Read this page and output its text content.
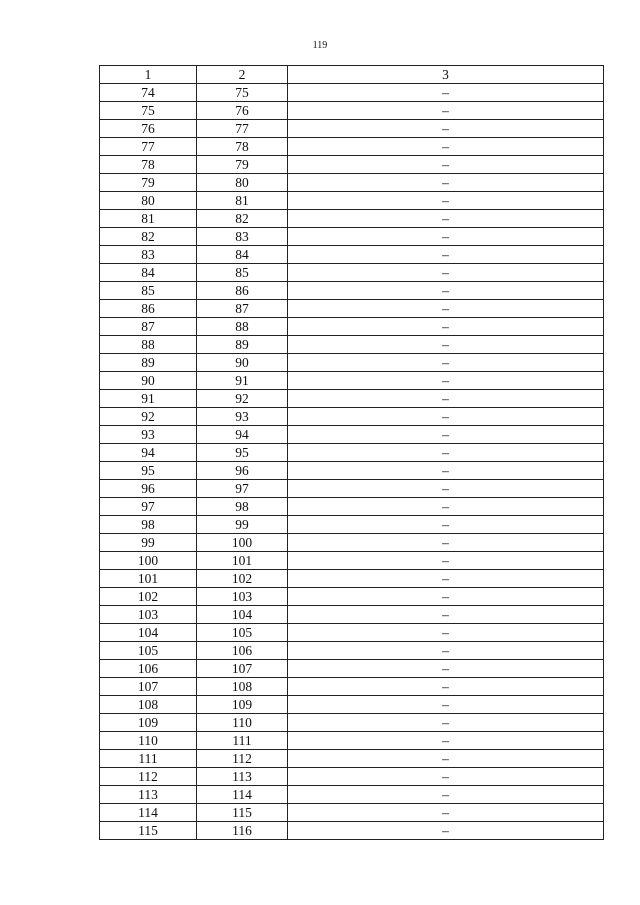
119
1	2	3
74	75	–
75	76	–
76	77	–
77	78	–
78	79	–
79	80	–
80	81	–
81	82	–
82	83	–
83	84	–
84	85	–
85	86	–
86	87	–
87	88	–
88	89	–
89	90	–
90	91	–
91	92	–
92	93	–
93	94	–
94	95	–
95	96	–
96	97	–
97	98	–
98	99	–
99	100	–
100	101	–
101	102	–
102	103	–
103	104	–
104	105	–
105	106	–
106	107	–
107	108	–
108	109	–
109	110	–
110	111	–
111	112	–
112	113	–
113	114	–
114	115	–
115	116	–
